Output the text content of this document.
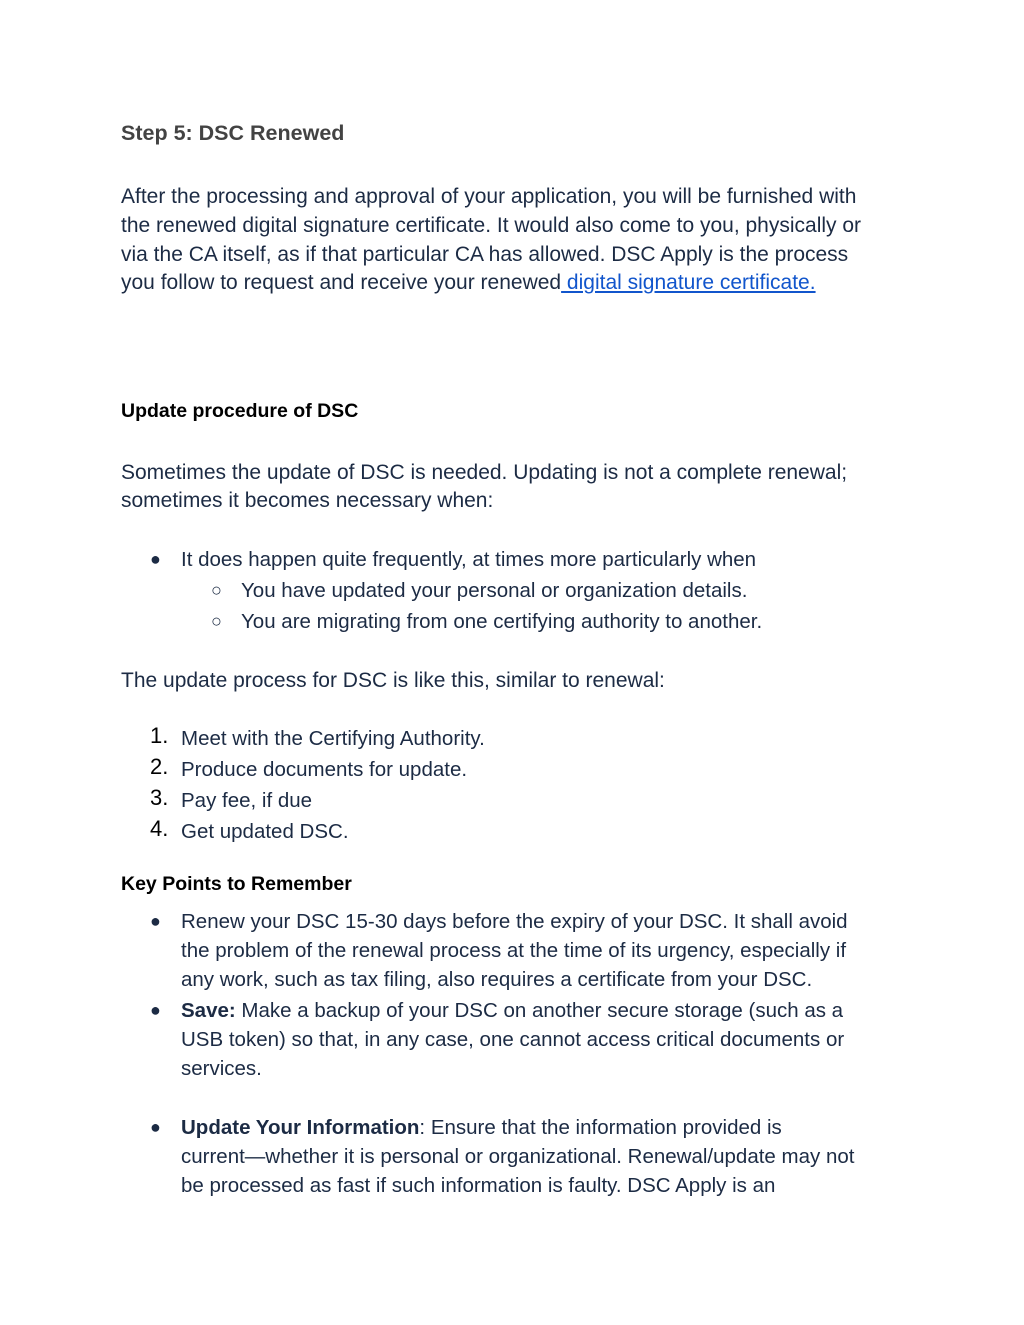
Step 5: DSC Renewed
After the processing and approval of your application, you will be furnished with
the renewed digital signature certificate. It would also come to you, physically or
via the CA itself, as if that particular CA has allowed. DSC Apply is the process
you follow to request and receive your renewed digital signature certificate.
Update procedure of DSC
Sometimes the update of DSC is needed. Updating is not a complete renewal;
sometimes it becomes necessary when:
● It does happen quite frequently, at times more particularly when
○ You have updated your personal or organization details.
○ You are migrating from one certifying authority to another.
The update process for DSC is like this, similar to renewal:
1. Meet with the Certifying Authority.
2. Produce documents for update.
3. Pay fee, if due
4. Get updated DSC.
Key Points to Remember
● Renew your DSC 15-30 days before the expiry of your DSC. It shall avoid
the problem of the renewal process at the time of its urgency, especially if
any work, such as tax filing, also requires a certificate from your DSC.
● Save: Make a backup of your DSC on another secure storage (such as a
USB token) so that, in any case, one cannot access critical documents or
services.
● Update Your Information: Ensure that the information provided is
current—whether it is personal or organizational. Renewal/update may not
be processed as fast if such information is faulty. DSC Apply is an
